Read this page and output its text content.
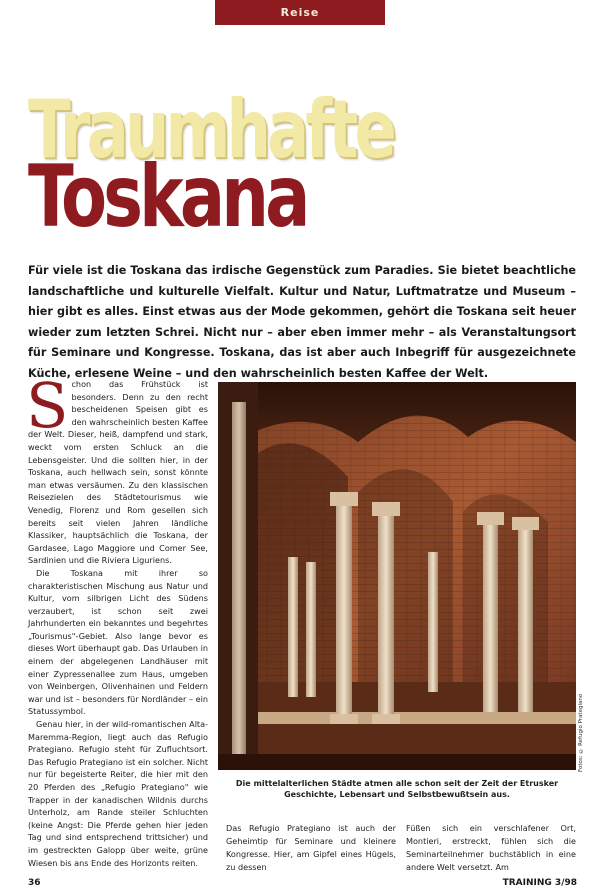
Reise
Traumhafte
Toskana
Für viele ist die Toskana das irdische Gegenstück zum Paradies. Sie bietet beachtliche landschaftliche und kulturelle Vielfalt. Kultur und Natur, Luftmatratze und Museum – hier gibt es alles. Einst etwas aus der Mode gekommen, gehört die Toskana seit heuer wieder zum letzten Schrei. Nicht nur – aber eben immer mehr – als Veranstaltungsort für Seminare und Kongresse. Toskana, das ist aber auch Inbegriff für ausgezeichnete Küche, erlesene Weine – und den wahrscheinlich besten Kaffee der Welt.

Schon das Frühstück ist besonders. Denn zu den recht bescheidenen Speisen gibt es den wahrscheinlich besten Kaffee der Welt. Dieser, heiß, dampfend und stark, weckt vom ersten Schluck an die Lebensgeister. Und die sollten hier, in der Toskana, auch hellwach sein, sonst könnte man etwas versäumen. Zu den klassischen Reisezielen des Städtetourismus wie Venedig, Florenz und Rom gesellen sich bereits seit vielen Jahren ländliche Klassiker, hauptsächlich die Toskana, der Gardasee, Lago Maggiore und Comer See, Sardinien und die Riviera Liguriens.

Die Toskana mit ihrer so charakteristischen Mischung aus Natur und Kultur, vom silbrigen Licht des Südens verzaubert, ist schon seit zwei Jahrhunderten ein bekanntes und begehrtes „Tourismus"-Gebiet. Also lange bevor es dieses Wort überhaupt gab. Das Urlauben in einem der abgelegenen Landhäuser mit einer Zypressenallee zum Haus, umgeben von Weinbergen, Olivenhainen und Feldern war und ist – besonders für Nordländer – ein Statussymbol.

Genau hier, in der wild-romantischen Alta-Maremma-Region, liegt auch das Refugio Prategiano. Refugio steht für Zufluchtsort. Das Refugio Prategiano ist ein solcher. Nicht nur für begeisterte Reiter, die hier mit den 20 Pferden des „Refugio Prategiano" wie Trapper in der kanadischen Wildnis durchs Unterholz, am Rande steiler Schluchten (keine Angst: Die Pferde gehen hier jeden Tag und sind entsprechend trittsicher) und im gestreckten Galopp über weite, grüne Wiesen bis ans Ende des Horizonts reiten.

Fotos: © Refugio Prategiano
Die mittelalterlichen Städte atmen alle schon seit der Zeit der Etrusker Geschichte, Lebensart und Selbstbewußtsein aus.
Das Refugio Prategiano ist auch der Geheimtip für Seminare und kleinere Kongresse. Hier, am Gipfel eines Hügels, zu dessen
Füßen sich ein verschlafener Ort, Montieri, erstreckt, fühlen sich die Seminarteilnehmer buchstäblich in eine andere Welt versetzt. Am
36	TRAINING 3/98
